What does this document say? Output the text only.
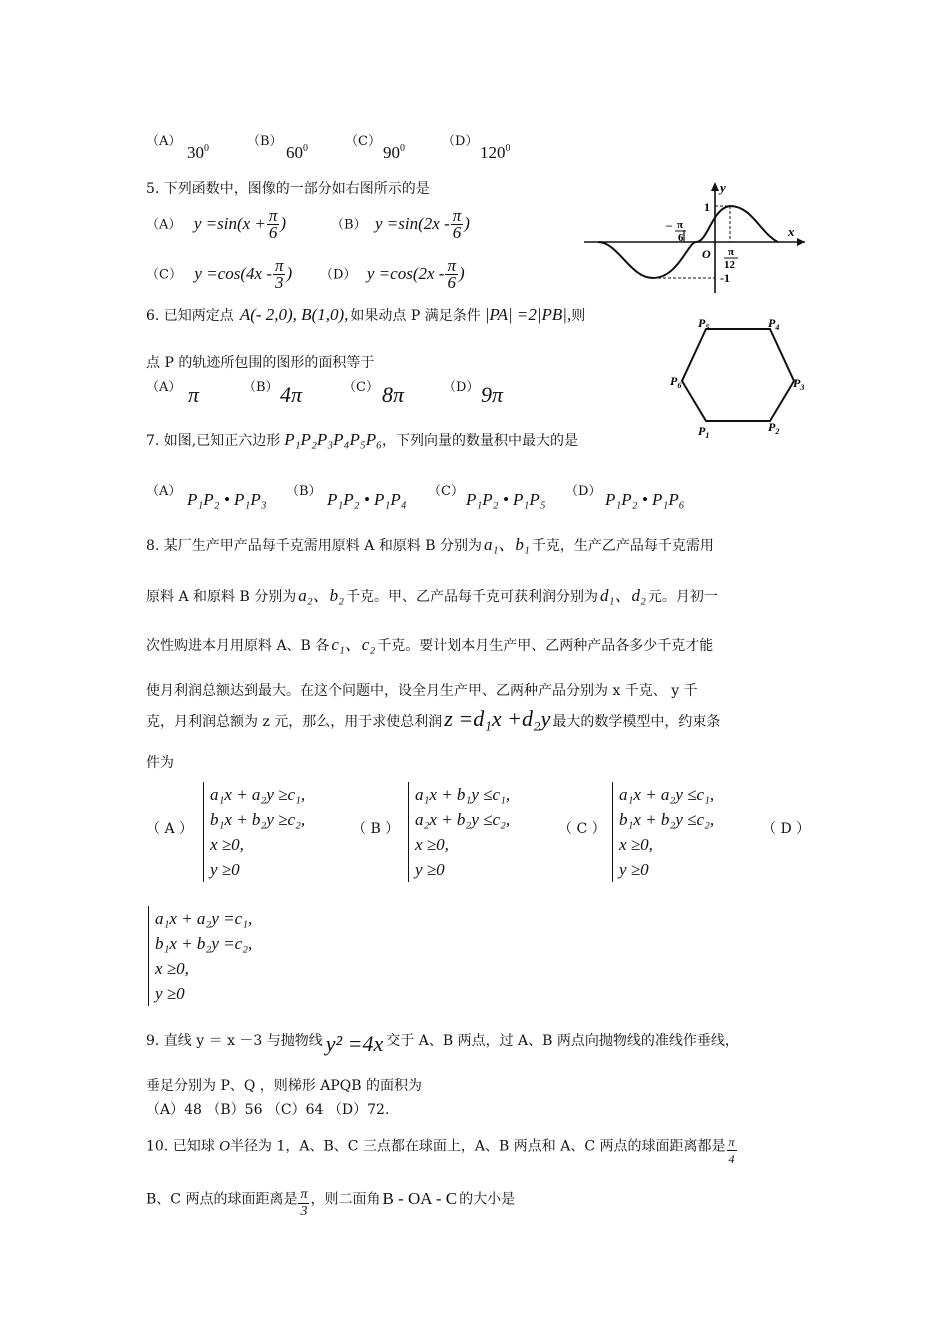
（A）
$30^0$	（B）
$60^0$	（C）
$90^0$	（D）
$120^0$
5. 下列函数中，图像的一部分如右图所示的是
（A） $y =\sin(x + \frac{\pi}{6}$ )	（B） $y =\sin(2x - \frac{\pi}{6}$ )
（C） $y =\cos(4x - \frac{\pi}{3}$ ) （D） $y =\cos(2x - \frac{\pi}{6}$ )
y
x
1
-1
O
– π
6
π
12
6. 已知两定点 A(- 2,0), B(1,0), 如果动点 P 满足条件 |PA| =2|PB|,则
点 P 的轨迹所包围的图形的面积等于
（A） π	（B） 4π	（C） 8π	（D） 9π
$P_5$	$P_4$
$P_3$
$P_6$
$P_1$
$P_2$
7. 如图,已知正六边形 P₁P₂P₃P₄P₅P₆，下列向量的数量积中最大的是
（A） P₁P₂ • P₁P₃ （B） P₁P₂ • P₁P₄ （C） P₁P₂ • P₁P₅ （D） P₁P₂ • P₁P₆
8. 某厂生产甲产品每千克需用原料 A 和原料 B 分别为 a₁、b₁ 千克，生产乙产品每千克需用
原料 A 和原料 B 分别为 a₂、b₂ 千克。甲、乙产品每千克可获利润分别为 d₁、d₂ 元。月初一
次性购进本月用原料 A、B 各 c₁、c₂ 千克。要计划本月生产甲、乙两种产品各多少千克才能
使月利润总额达到最大。在这个问题中，设全月生产甲、乙两种产品分别为 x 千克、 y 千
克，月利润总额为 z 元，那么，用于求使总利润z =d₁x +d₂y 最大的数学模型中，约束条
件为
（ A ）
a₁x + a₂y ≥c₁,
b₁x + b₂y ≥c₂,
x ≥0,
y ≥0
（ B ）
a₁x + b₁y ≤c₁,
a₂x + b₂y ≤c₂,
x ≥0,
y ≥0
（ C ）
a₁x + a₂y ≤c₁,
b₁x + b₂y ≤c₂,
x ≥0,
y ≥0
（ D ）
a₁x + a₂y =c₁,
b₁x + b₂y =c₂,
x ≥0,
y ≥0
9. 直线 y ＝ x －3 与抛物线 y² =4x 交于 A、B 两点，过 A、B 两点向抛物线的准线作垂线，
垂足分别为 P、Q ，则梯形 APQB 的面积为
（A）48 （B）56 （C）64 （D）72.
10. 已知球 O半径为 1，A、B、C 三点都在球面上，A、B 两点和 A、C 两点的球面距离都是 $\frac{\pi}{4}$
B、C 两点的球面距离是 $\frac{\pi}{3}$ ，则二面角 B - OA - C 的大小是
